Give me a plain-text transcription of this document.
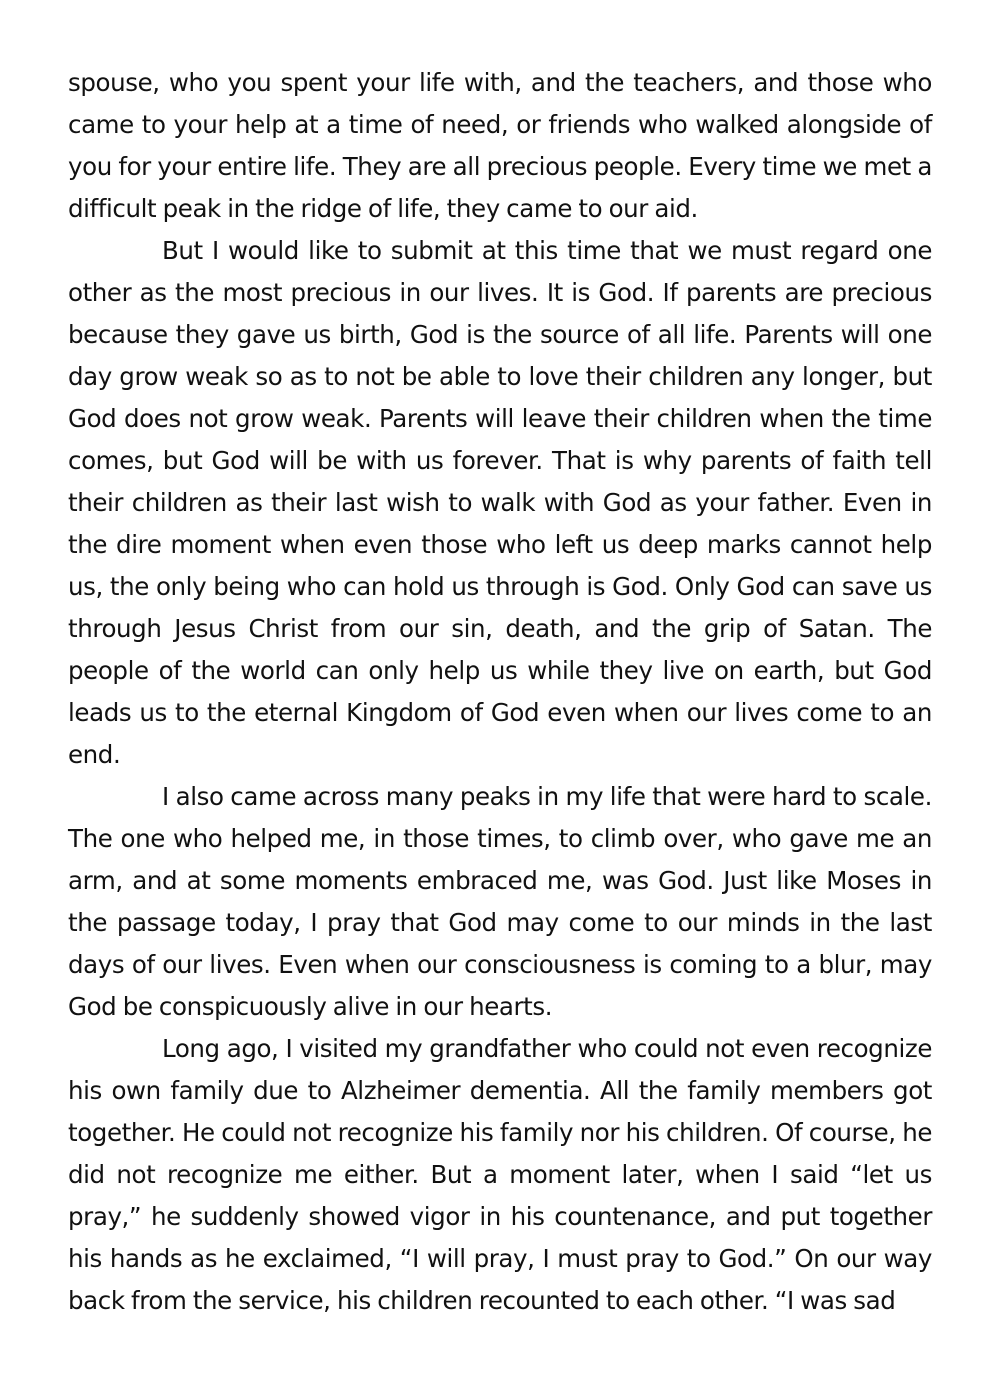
spouse, who you spent your life with, and the teachers, and those who came to your help at a time of need, or friends who walked alongside of you for your entire life. They are all precious people. Every time we met a difficult peak in the ridge of life, they came to our aid.

But I would like to submit at this time that we must regard one other as the most precious in our lives. It is God. If parents are precious because they gave us birth, God is the source of all life. Parents will one day grow weak so as to not be able to love their children any longer, but God does not grow weak. Parents will leave their children when the time comes, but God will be with us forever. That is why parents of faith tell their children as their last wish to walk with God as your father. Even in the dire moment when even those who left us deep marks cannot help us, the only being who can hold us through is God. Only God can save us through Jesus Christ from our sin, death, and the grip of Satan. The people of the world can only help us while they live on earth, but God leads us to the eternal Kingdom of God even when our lives come to an end.

I also came across many peaks in my life that were hard to scale. The one who helped me, in those times, to climb over, who gave me an arm, and at some moments embraced me, was God. Just like Moses in the passage today, I pray that God may come to our minds in the last days of our lives. Even when our consciousness is coming to a blur, may God be conspicuously alive in our hearts.

Long ago, I visited my grandfather who could not even recognize his own family due to Alzheimer dementia. All the family members got together. He could not recognize his family nor his children. Of course, he did not recognize me either. But a moment later, when I said “let us pray,” he suddenly showed vigor in his countenance, and put together his hands as he exclaimed, “I will pray, I must pray to God.” On our way back from the service, his children recounted to each other. “I was sad
